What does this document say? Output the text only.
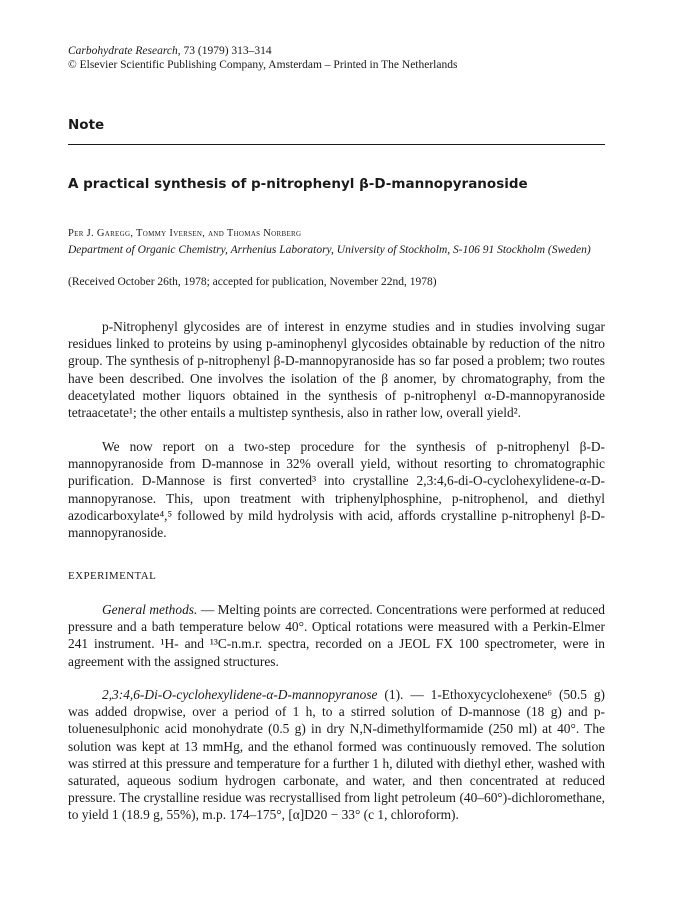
Carbohydrate Research, 73 (1979) 313–314
© Elsevier Scientific Publishing Company, Amsterdam – Printed in The Netherlands
Note
A practical synthesis of p-nitrophenyl β-D-mannopyranoside
Per J. Garegg, Tommy Iversen, and Thomas Norberg
Department of Organic Chemistry, Arrhenius Laboratory, University of Stockholm, S-106 91 Stockholm (Sweden)
(Received October 26th, 1978; accepted for publication, November 22nd, 1978)

p-Nitrophenyl glycosides are of interest in enzyme studies and in studies involving sugar residues linked to proteins by using p-aminophenyl glycosides obtainable by reduction of the nitro group. The synthesis of p-nitrophenyl β-D-mannopyranoside has so far posed a problem; two routes have been described. One involves the isolation of the β anomer, by chromatography, from the deacetylated mother liquors obtained in the synthesis of p-nitrophenyl α-D-mannopyranoside tetraacetate¹; the other entails a multistep synthesis, also in rather low, overall yield².

We now report on a two-step procedure for the synthesis of p-nitrophenyl β-D-mannopyranoside from D-mannose in 32% overall yield, without resorting to chromatographic purification. D-Mannose is first converted³ into crystalline 2,3:4,6-di-O-cyclohexylidene-α-D-mannopyranose. This, upon treatment with triphenylphosphine, p-nitrophenol, and diethyl azodicarboxylate⁴,⁵ followed by mild hydrolysis with acid, affords crystalline p-nitrophenyl β-D-mannopyranoside.

EXPERIMENTAL

General methods. — Melting points are corrected. Concentrations were performed at reduced pressure and a bath temperature below 40°. Optical rotations were measured with a Perkin-Elmer 241 instrument. ¹H- and ¹³C-n.m.r. spectra, recorded on a JEOL FX 100 spectrometer, were in agreement with the assigned structures.

2,3:4,6-Di-O-cyclohexylidene-α-D-mannopyranose (1). — 1-Ethoxycyclohexene⁶ (50.5 g) was added dropwise, over a period of 1 h, to a stirred solution of D-mannose (18 g) and p-toluenesulphonic acid monohydrate (0.5 g) in dry N,N-dimethylformamide (250 ml) at 40°. The solution was kept at 13 mmHg, and the ethanol formed was continuously removed. The solution was stirred at this pressure and temperature for a further 1 h, diluted with diethyl ether, washed with saturated, aqueous sodium hydrogen carbonate, and water, and then concentrated at reduced pressure. The crystalline residue was recrystallised from light petroleum (40–60°)-dichloromethane, to yield 1 (18.9 g, 55%), m.p. 174–175°, [α]D20 − 33° (c 1, chloroform).
